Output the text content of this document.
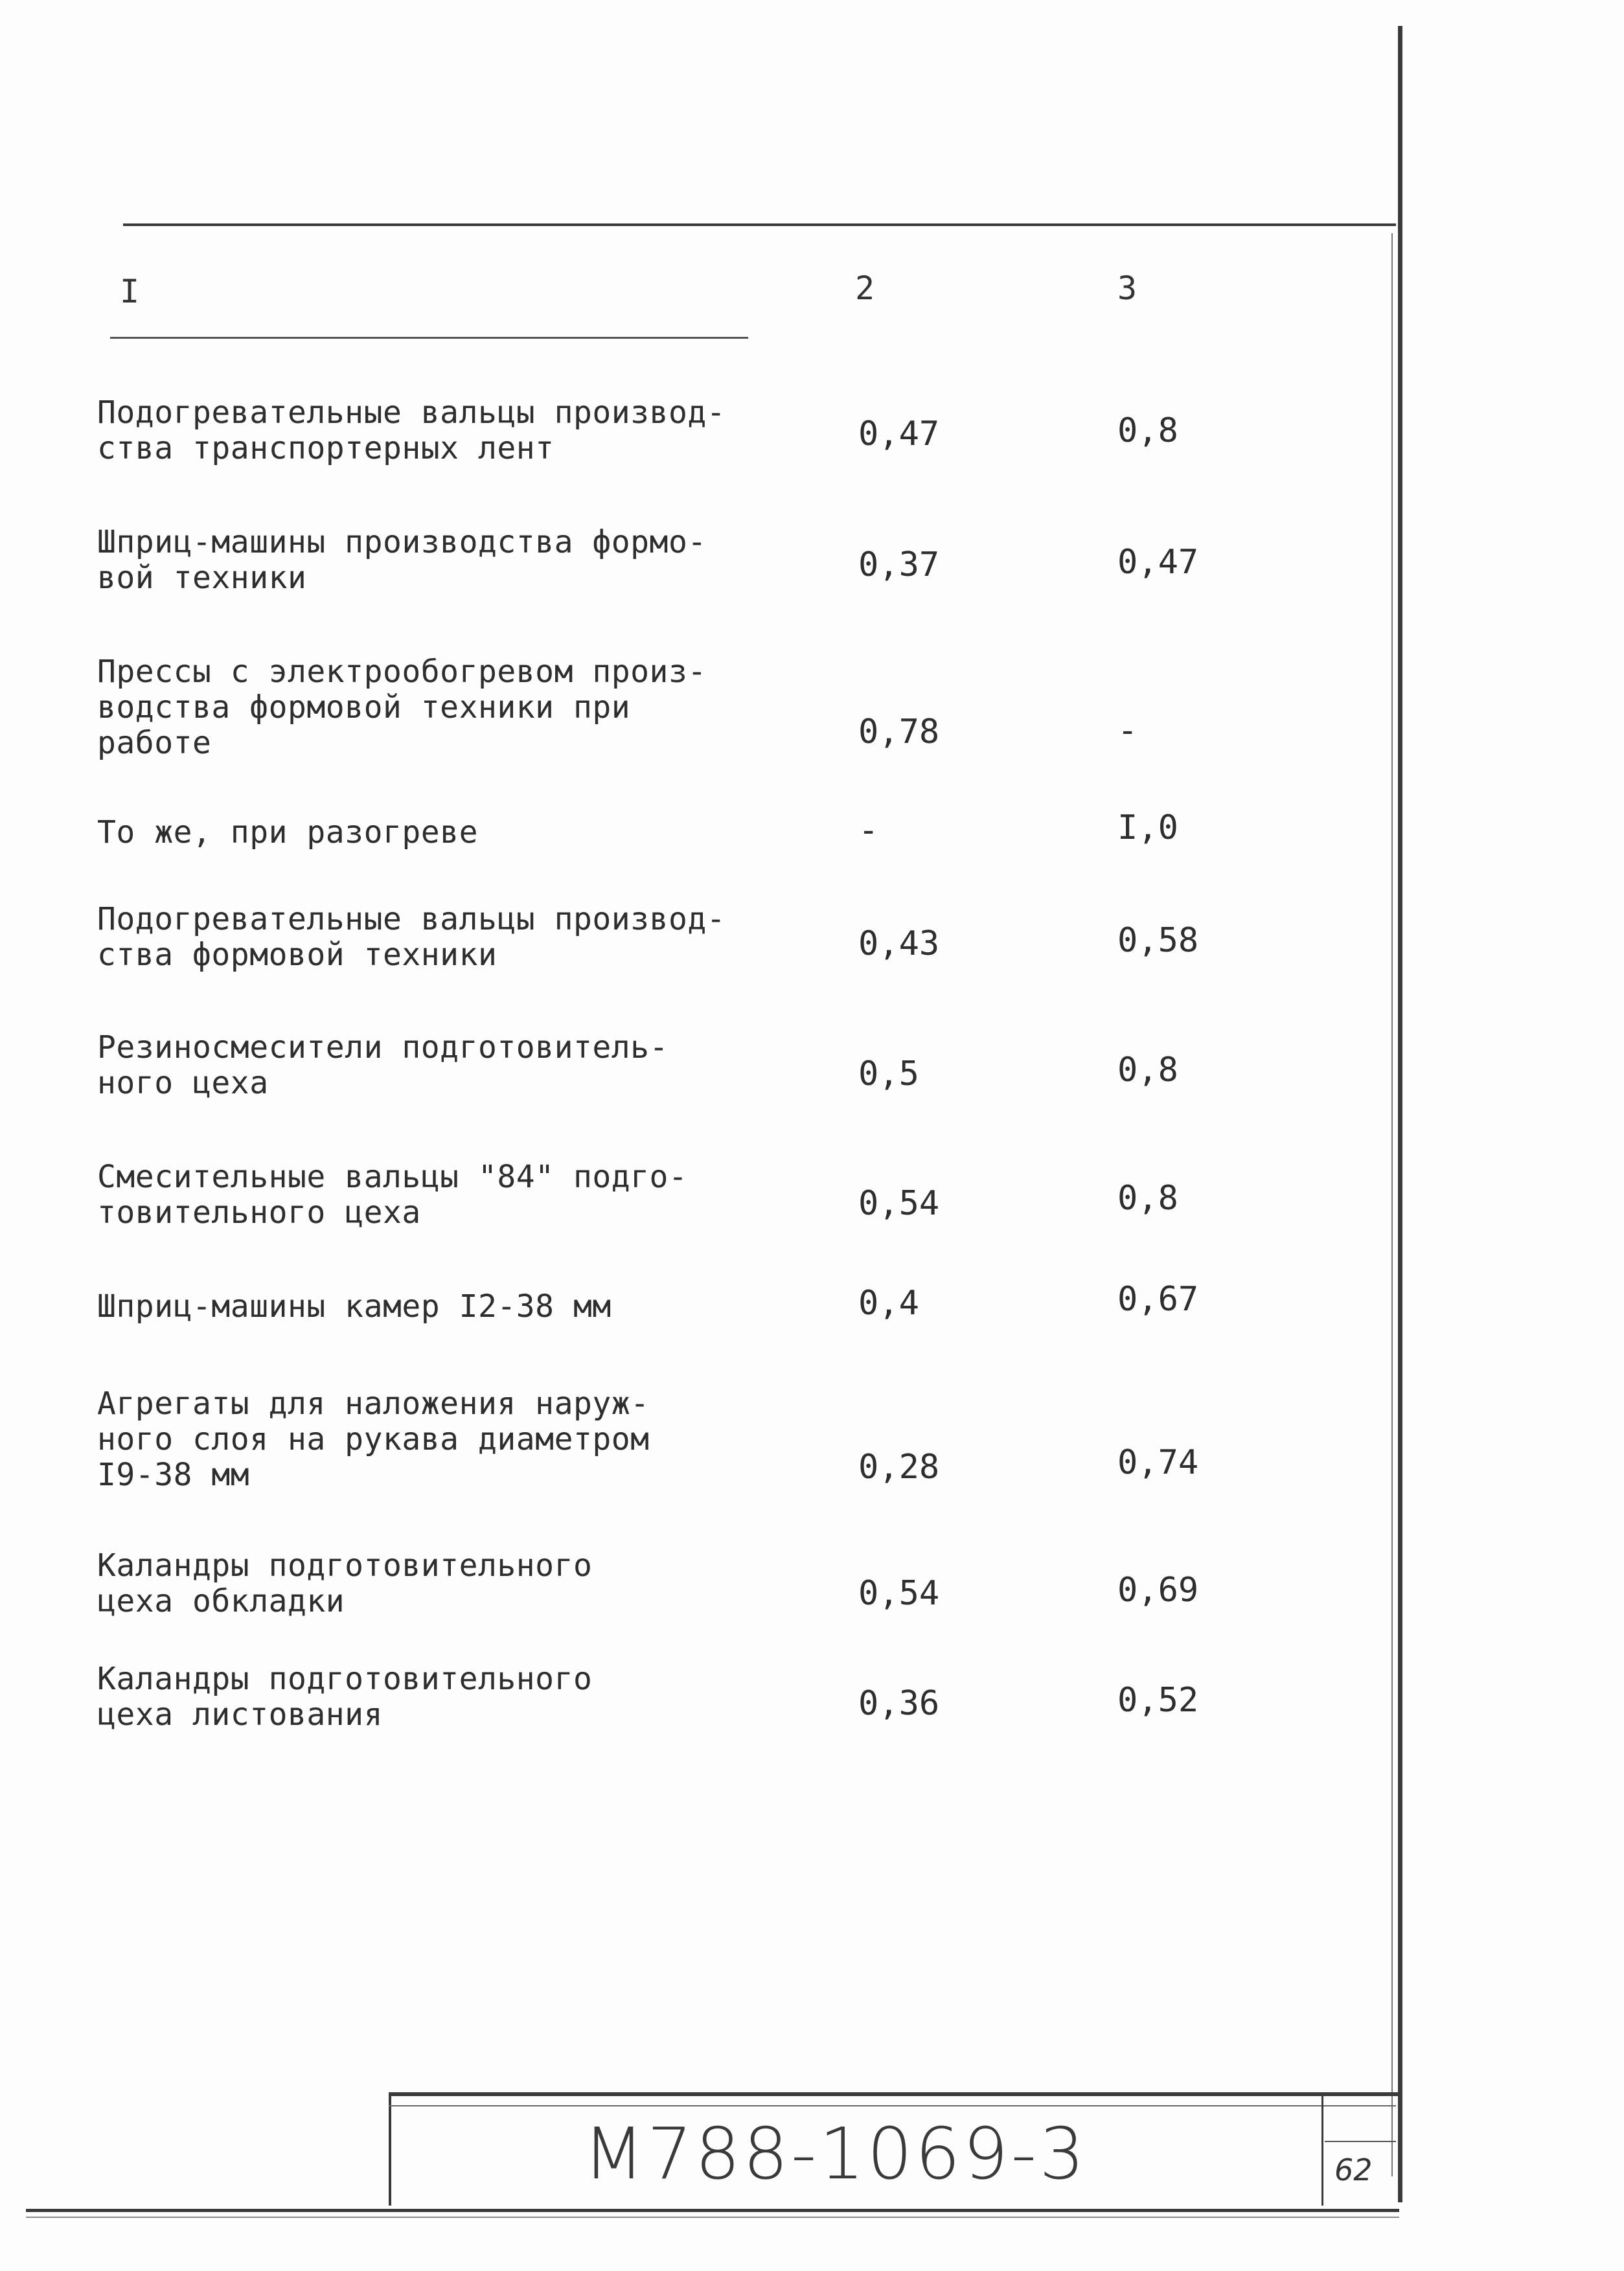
I	2	3
Подогревательные вальцы производ-
ства транспортерных лент	0,47	0,8
Шприц-машины производства формо-
вой техники	0,37	0,47
Прессы с электрообогревом произ-
водства формовой техники при
работе	0,78	-
То же, при разогреве	-	I,0
Подогревательные вальцы производ-
ства формовой техники	0,43	0,58
Резиносмесители подготовитель-
ного цеха	0,5	0,8
Смесительные вальцы "84" подго-
товительного цеха	0,54	0,8
Шприц-машины камер I2-38 мм	0,4	0,67
Агрегаты для наложения наруж-
ного слоя на рукава диаметром
I9-38 мм	0,28	0,74
Каландры подготовительного
цеха обкладки	0,54	0,69
Каландры подготовительного
цеха листования	0,36	0,52
М788-1069-3	62
